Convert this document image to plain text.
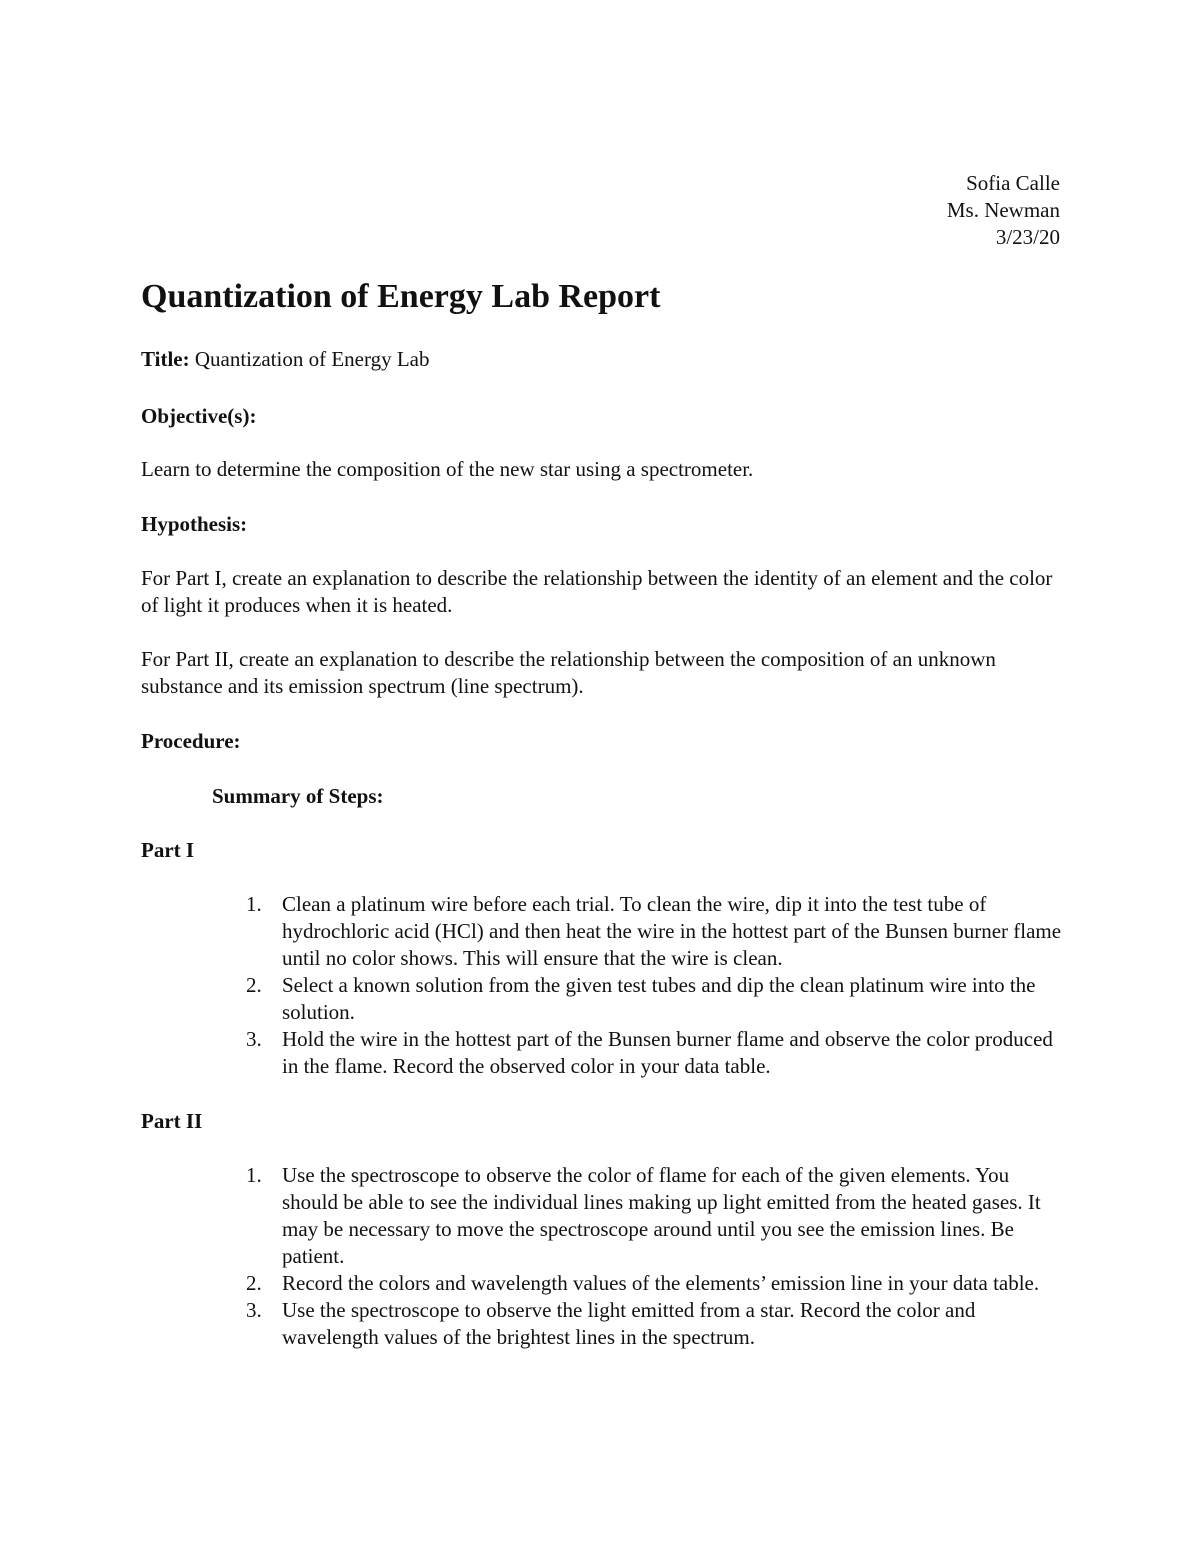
Sofia Calle
Ms. Newman
3/23/20
Quantization of Energy Lab Report

Title: Quantization of Energy Lab

Objective(s):

Learn to determine the composition of the new star using a spectrometer.

Hypothesis:

For Part I, create an explanation to describe the relationship between the identity of an element and the color of light it produces when it is heated.

For Part II, create an explanation to describe the relationship between the composition of an unknown substance and its emission spectrum (line spectrum).

Procedure:

Summary of Steps:

Part I

1. Clean a platinum wire before each trial. To clean the wire, dip it into the test tube of hydrochloric acid (HCl) and then heat the wire in the hottest part of the Bunsen burner flame until no color shows. This will ensure that the wire is clean.
2. Select a known solution from the given test tubes and dip the clean platinum wire into the solution.
3. Hold the wire in the hottest part of the Bunsen burner flame and observe the color produced in the flame. Record the observed color in your data table.

Part II

1. Use the spectroscope to observe the color of flame for each of the given elements. You should be able to see the individual lines making up light emitted from the heated gases. It may be necessary to move the spectroscope around until you see the emission lines. Be patient.
2. Record the colors and wavelength values of the elements’ emission line in your data table.
3. Use the spectroscope to observe the light emitted from a star. Record the color and wavelength values of the brightest lines in the spectrum.
